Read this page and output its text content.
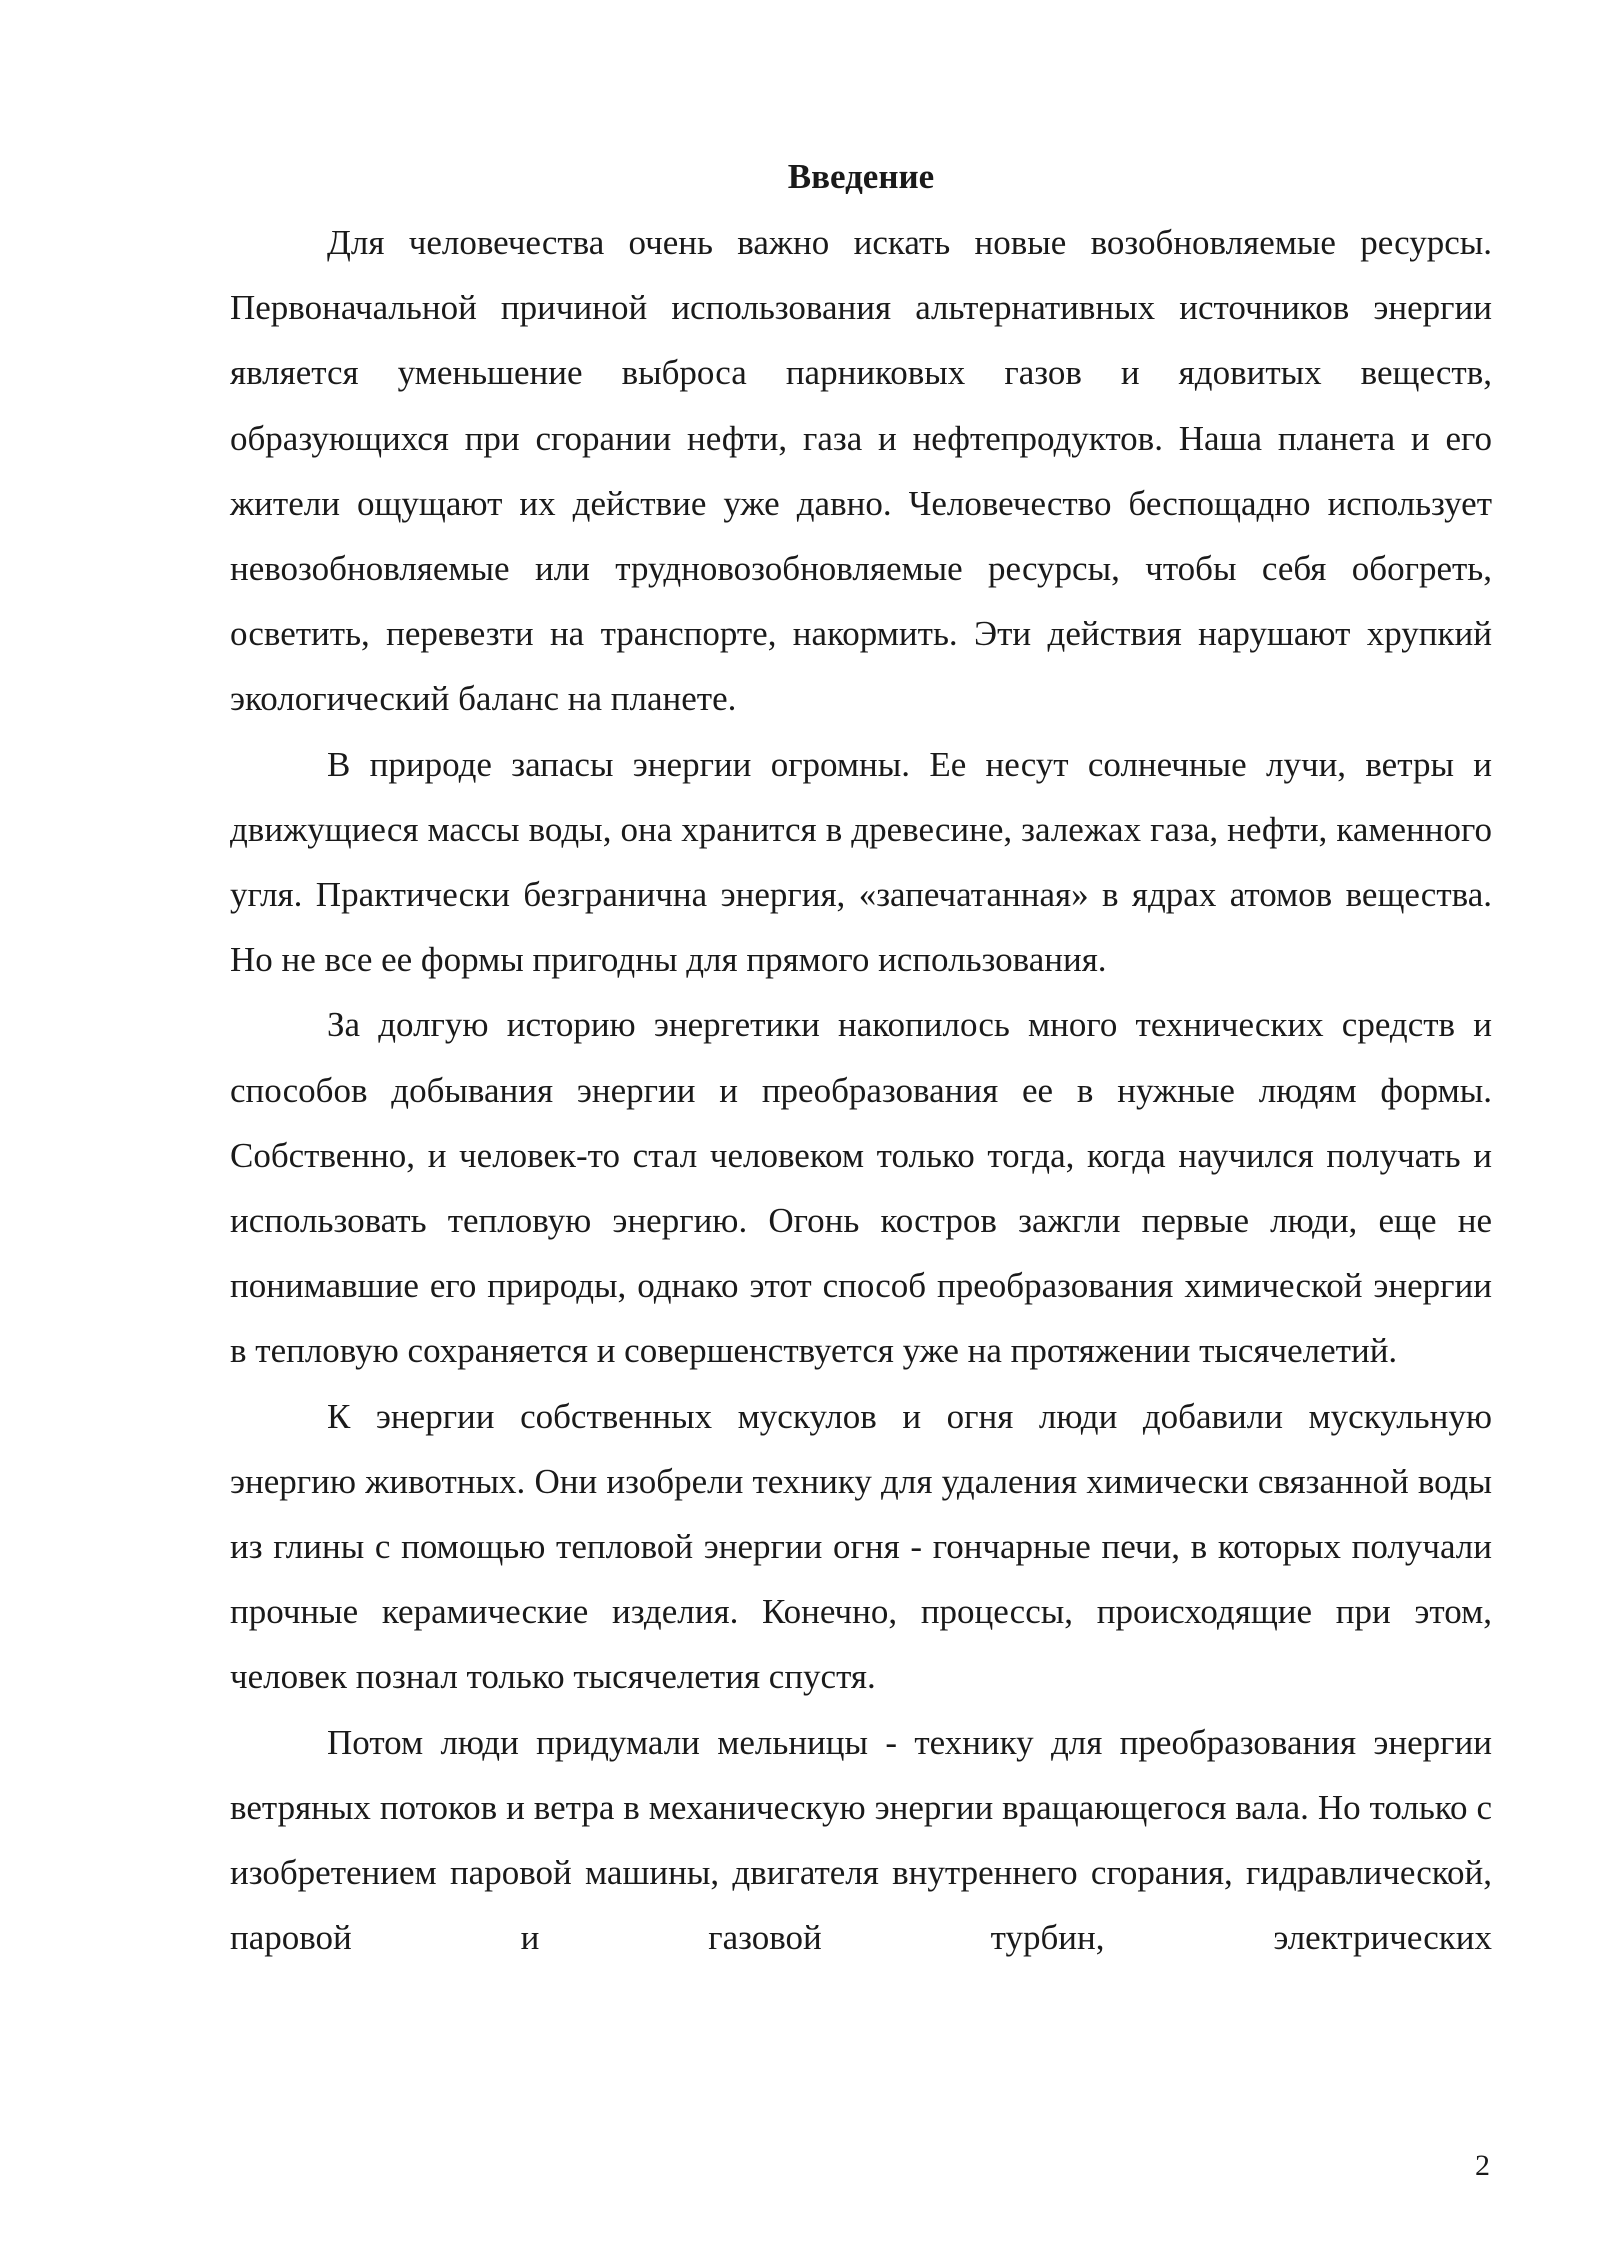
Введение

Для человечества очень важно искать новые возобновляемые ресурсы. Первоначальной причиной использования альтернативных источников энергии является уменьшение выброса парниковых газов и ядовитых веществ, образующихся при сгорании нефти, газа и нефтепродуктов. Наша планета и его жители ощущают их действие уже давно. Человечество беспощадно использует невозобновляемые или трудновозобновляемые ресурсы, чтобы себя обогреть, осветить, перевезти на транспорте, накормить. Эти действия нарушают хрупкий экологический баланс на планете.

В природе запасы энергии огромны. Ее несут солнечные лучи, ветры и движущиеся массы воды, она хранится в древесине, залежах газа, нефти, каменного угля. Практически безгранична энергия, «запечатанная» в ядрах атомов вещества. Но не все ее формы пригодны для прямого использования.

За долгую историю энергетики накопилось много технических средств и способов добывания энергии и преобразования ее в нужные людям формы. Собственно, и человек-то стал человеком только тогда, когда научился получать и использовать тепловую энергию. Огонь костров зажгли первые люди, еще не понимавшие его природы, однако этот способ преобразования химической энергии в тепловую сохраняется и совершенствуется уже на протяжении тысячелетий.

К энергии собственных мускулов и огня люди добавили мускульную энергию животных. Они изобрели технику для удаления химически связанной воды из глины с помощью тепловой энергии огня - гончарные печи, в которых получали прочные керамические изделия. Конечно, процессы, происходящие при этом, человек познал только тысячелетия спустя.

Потом люди придумали мельницы - технику для преобразования энергии ветряных потоков и ветра в механическую энергии вращающегося вала. Но только с изобретением паровой машины, двигателя внутреннего сгорания, гидравлической, паровой и газовой турбин, электрических

2
